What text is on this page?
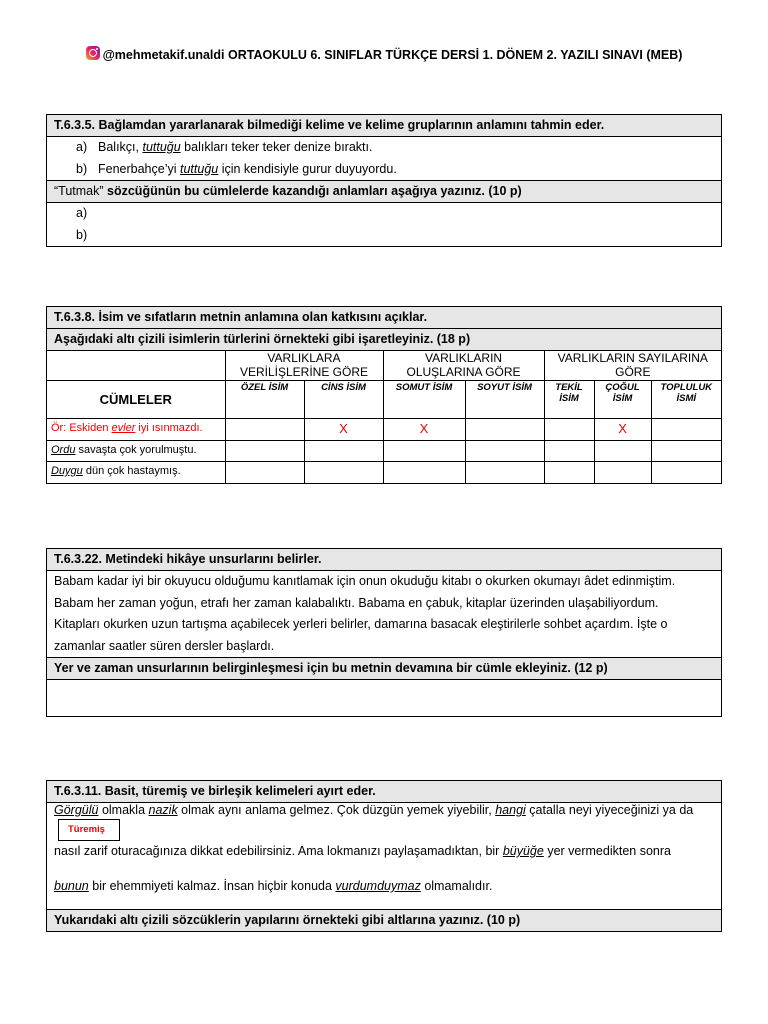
@mehmetakif.unaldi ORTAOKULU 6. SINIFLAR TÜRKÇE DERSİ 1. DÖNEM 2. YAZILI SINAVI (MEB)
T.6.3.5. Bağlamdan yararlanarak bilmediği kelime ve kelime gruplarının anlamını tahmin eder.
a) Balıkçı, tuttuğu balıkları teker teker denize bıraktı.
b) Fenerbahçe’yi tuttuğu için kendisiyle gurur duyuyordu.
“Tutmak” sözcüğünün bu cümlelerde kazandığı anlamları aşağıya yazınız. (10 p)
a)
b)
T.6.3.8. İsim ve sıfatların metnin anlamına olan katkısını açıklar.
Aşağıdaki altı çizili isimlerin türlerini örnekteki gibi işaretleyiniz. (18 p)
	VARLIKLARA VERİLİŞLERİNE GÖRE		VARLIKLARIN OLUŞLARINA GÖRE		VARLIKLARIN SAYILARINA GÖRE		
CÜMLELER	ÖZEL İSİM	CİNS İSİM	SOMUT İSİM	SOYUT İSİM	TEKİL İSİM	ÇOĞUL İSİM	TOPLULUK İSMİ
Ör: Eskiden evler iyi ısınmazdı.		X	X			X	
Ordu savaşta çok yorulmuştu.							
Duygu dün çok hastaymış.							
T.6.3.22. Metindeki hikâye unsurlarını belirler.
Babam kadar iyi bir okuyucu olduğumu kanıtlamak için onun okuduğu kitabı o okurken okumayı âdet edinmiştim.
Babam her zaman yoğun, etrafı her zaman kalabalıktı. Babama en çabuk, kitaplar üzerinden ulaşabiliyordum.
Kitapları okurken uzun tartışma açabilecek yerleri belirler, damarına basacak eleştirilerle sohbet açardım. İşte o
zamanlar saatler süren dersler başlardı.
Yer ve zaman unsurlarının belirginleşmesi için bu metnin devamına bir cümle ekleyiniz. (12 p)
T.6.3.11. Basit, türemiş ve birleşik kelimeleri ayırt eder.
Görgülü olmakla nazik olmak aynı anlama gelmez. Çok düzgün yemek yiyebilir, hangi çatalla neyi yiyeceğinizi ya da
Türemiş
nasıl zarif oturacağınıza dikkat edebilirsiniz. Ama lokmanızı paylaşamadıktan, bir büyüğe yer vermedikten sonra
bunun bir ehemmiyeti kalmaz. İnsan hiçbir konuda vurdumduymaz olmamalıdır.
Yukarıdaki altı çizili sözcüklerin yapılarını örnekteki gibi altlarına yazınız. (10 p)
